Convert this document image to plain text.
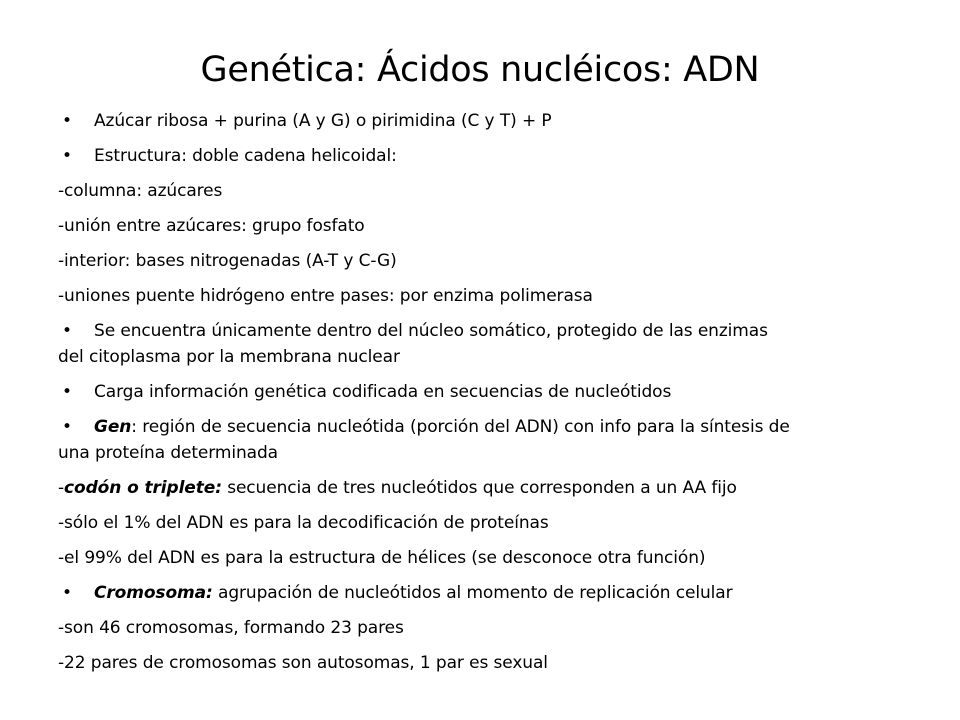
Genética: Ácidos nucléicos: ADN
• Azúcar ribosa + purina (A y G) o pirimidina (C y T) + P
• Estructura: doble cadena helicoidal:
-columna: azúcares
-unión entre azúcares: grupo fosfato
-interior: bases nitrogenadas (A-T y C-G)
-uniones puente hidrógeno entre pases: por enzima polimerasa
• Se encuentra únicamente dentro del núcleo somático, protegido de las enzimas
del citoplasma por la membrana nuclear
• Carga información genética codificada en secuencias de nucleótidos
• Gen: región de secuencia nucleótida (porción del ADN) con info para la síntesis de
una proteína determinada
-codón o triplete: secuencia de tres nucleótidos que corresponden a un AA fijo
-sólo el 1% del ADN es para la decodificación de proteínas
-el 99% del ADN es para la estructura de hélices (se desconoce otra función)
• Cromosoma: agrupación de nucleótidos al momento de replicación celular
-son 46 cromosomas, formando 23 pares
-22 pares de cromosomas son autosomas, 1 par es sexual
